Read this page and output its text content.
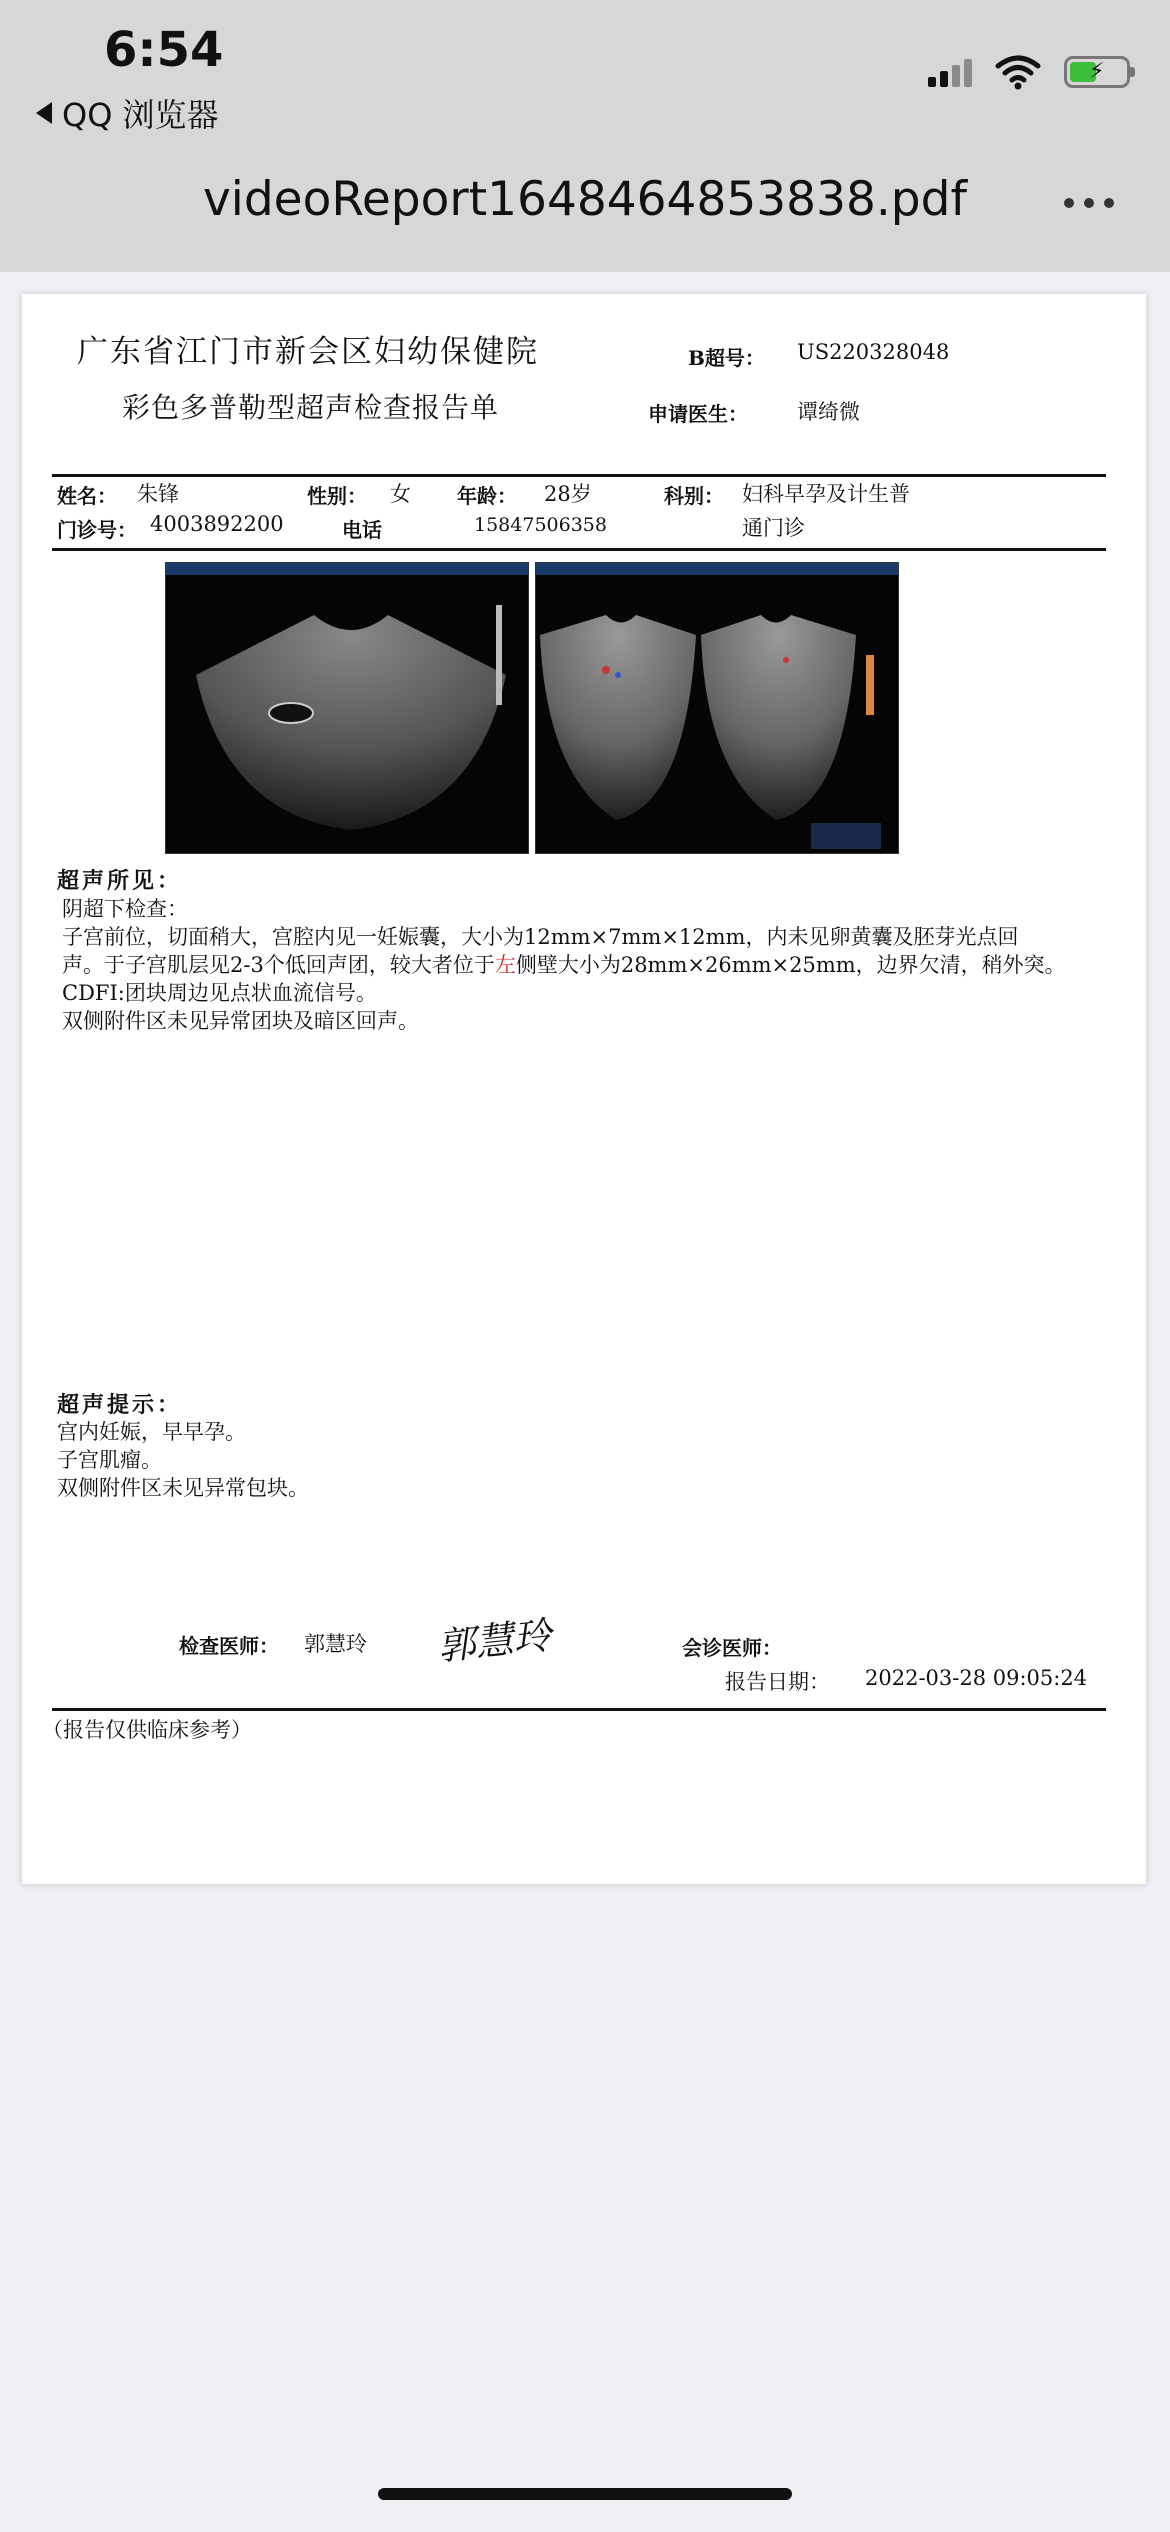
6:54
QQ 浏览器
⚡
videoReport1648464853838.pdf
广东省江门市新会区妇幼保健院
彩色多普勒型超声检查报告单
B超号： US220328048
申请医生： 谭绮微
姓名： 朱锋	性别： 女 年龄： 28岁	科别： 妇科早孕及计生普
门诊号： 4003892200	电话	15847506358	通门诊
超声所见：
阴超下检查：
子宫前位，切面稍大，宫腔内见一妊娠囊，大小为12mm×7mm×12mm，内未见卵黄囊及胚芽光点回
声。于子宫肌层见2-3个低回声团，较大者位于左侧壁大小为28mm×26mm×25mm，边界欠清，稍外突。
CDFI:团块周边见点状血流信号。
双侧附件区未见异常团块及暗区回声。
超声提示：
宫内妊娠，早早孕。
子宫肌瘤。
双侧附件区未见异常包块。
检查医师： 郭慧玲 郭慧玲	会诊医师：
报告日期： 2022-03-28 09:05:24
（报告仅供临床参考）
